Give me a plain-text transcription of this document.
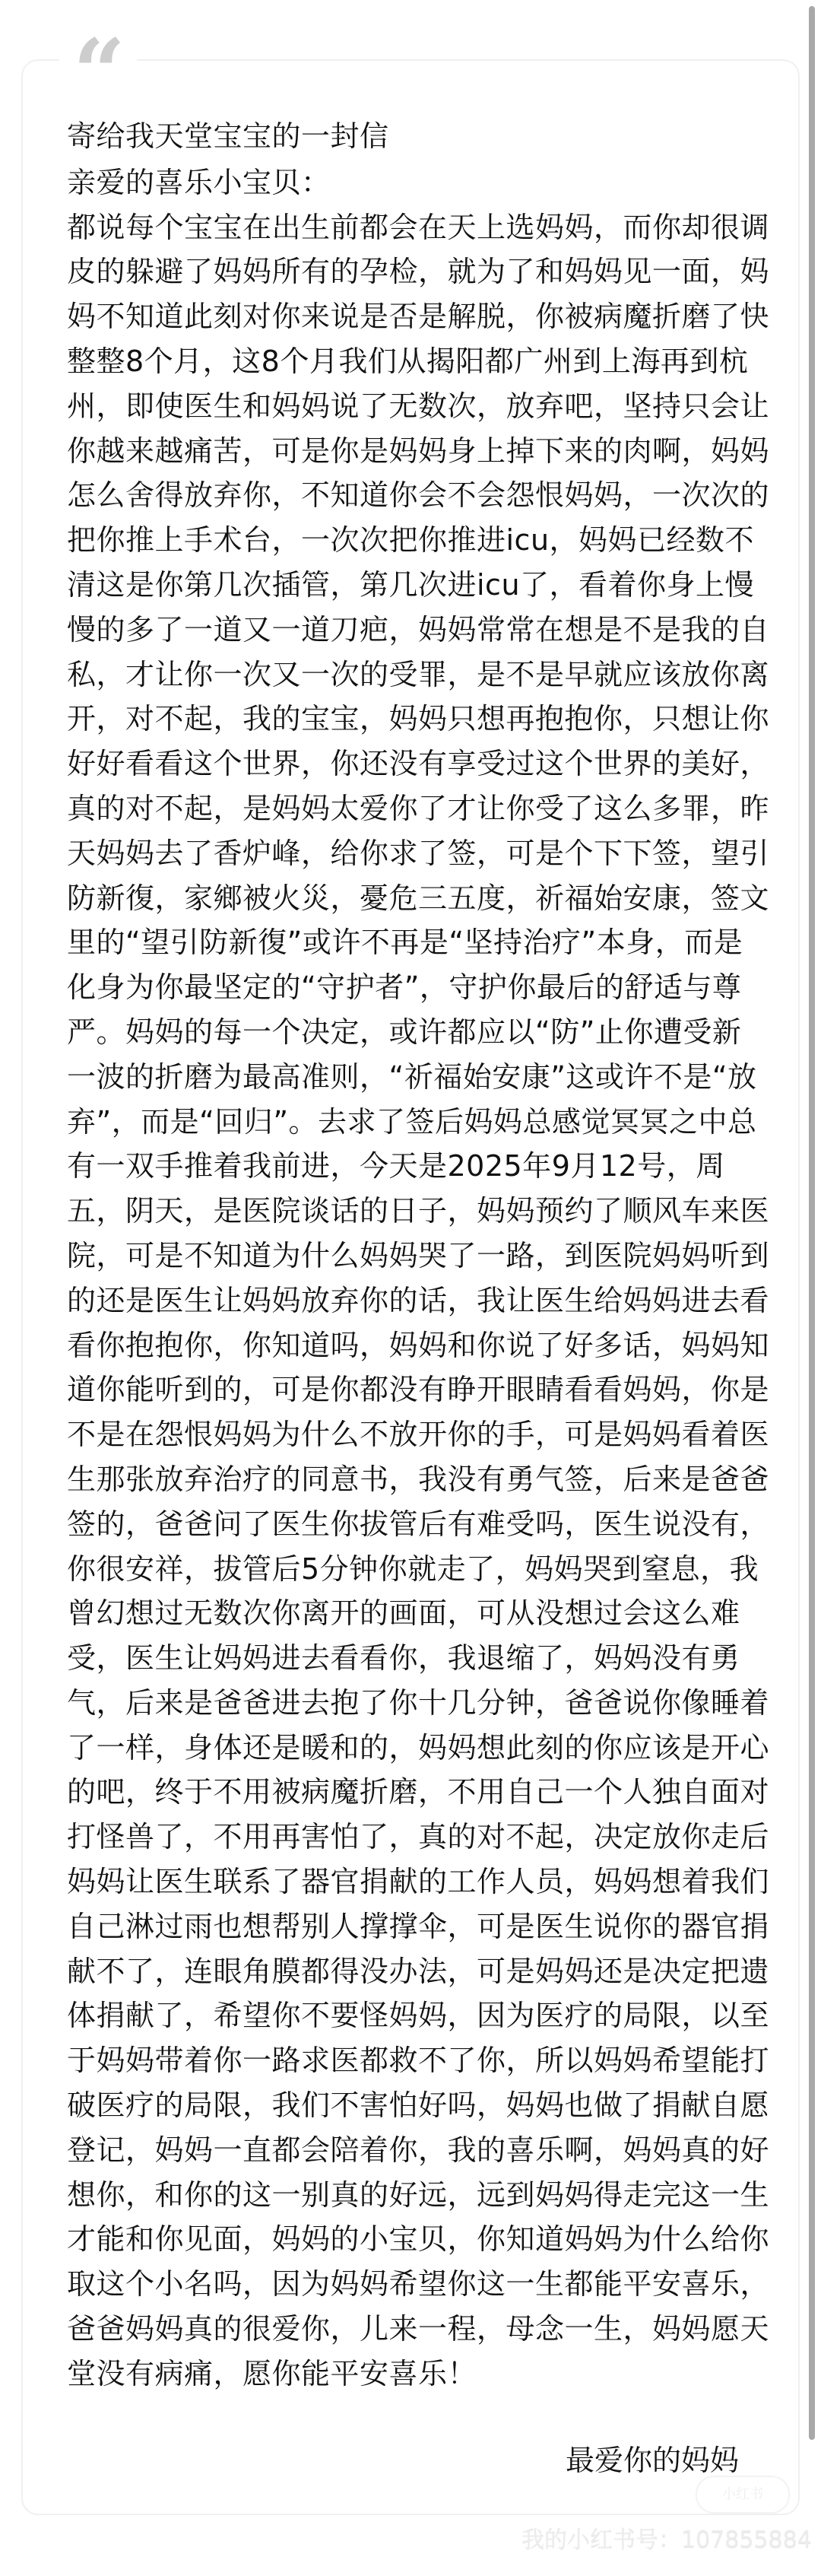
“
寄给我天堂宝宝的一封信
亲爱的喜乐小宝贝：
都说每个宝宝在出生前都会在天上选妈妈，而你却很调
皮的躲避了妈妈所有的孕检，就为了和妈妈见一面，妈
妈不知道此刻对你来说是否是解脱，你被病魔折磨了快
整整8个月，这8个月我们从揭阳都广州到上海再到杭
州，即使医生和妈妈说了无数次，放弃吧，坚持只会让
你越来越痛苦，可是你是妈妈身上掉下来的肉啊，妈妈
怎么舍得放弃你，不知道你会不会怨恨妈妈，一次次的
把你推上手术台，一次次把你推进icu，妈妈已经数不
清这是你第几次插管，第几次进icu了，看着你身上慢
慢的多了一道又一道刀疤，妈妈常常在想是不是我的自
私，才让你一次又一次的受罪，是不是早就应该放你离
开，对不起，我的宝宝，妈妈只想再抱抱你，只想让你
好好看看这个世界，你还没有享受过这个世界的美好，
真的对不起，是妈妈太爱你了才让你受了这么多罪，昨
天妈妈去了香炉峰，给你求了签，可是个下下签，望引
防新復，家鄉被火災，憂危三五度，祈福始安康，签文
里的“望引防新復”或许不再是“坚持治疗”本身，而是
化身为你最坚定的“守护者”，守护你最后的舒适与尊
严。妈妈的每一个决定，或许都应以“防”止你遭受新
一波的折磨为最高准则，“祈福始安康”这或许不是“放
弃”，而是“回归”。去求了签后妈妈总感觉冥冥之中总
有一双手推着我前进，今天是2025年9月12号，周
五，阴天，是医院谈话的日子，妈妈预约了顺风车来医
院，可是不知道为什么妈妈哭了一路，到医院妈妈听到
的还是医生让妈妈放弃你的话，我让医生给妈妈进去看
看你抱抱你，你知道吗，妈妈和你说了好多话，妈妈知
道你能听到的，可是你都没有睁开眼睛看看妈妈，你是
不是在怨恨妈妈为什么不放开你的手，可是妈妈看着医
生那张放弃治疗的同意书，我没有勇气签，后来是爸爸
签的，爸爸问了医生你拔管后有难受吗，医生说没有，
你很安祥，拔管后5分钟你就走了，妈妈哭到窒息，我
曾幻想过无数次你离开的画面，可从没想过会这么难
受，医生让妈妈进去看看你，我退缩了，妈妈没有勇
气，后来是爸爸进去抱了你十几分钟，爸爸说你像睡着
了一样，身体还是暖和的，妈妈想此刻的你应该是开心
的吧，终于不用被病魔折磨，不用自己一个人独自面对
打怪兽了，不用再害怕了，真的对不起，决定放你走后
妈妈让医生联系了器官捐献的工作人员，妈妈想着我们
自己淋过雨也想帮别人撑撑伞，可是医生说你的器官捐
献不了，连眼角膜都得没办法，可是妈妈还是决定把遗
体捐献了，希望你不要怪妈妈，因为医疗的局限，以至
于妈妈带着你一路求医都救不了你，所以妈妈希望能打
破医疗的局限，我们不害怕好吗，妈妈也做了捐献自愿
登记，妈妈一直都会陪着你，我的喜乐啊，妈妈真的好
想你，和你的这一别真的好远，远到妈妈得走完这一生
才能和你见面，妈妈的小宝贝，你知道妈妈为什么给你
取这个小名吗，因为妈妈希望你这一生都能平安喜乐，
爸爸妈妈真的很爱你，儿来一程，母念一生，妈妈愿天
堂没有病痛，愿你能平安喜乐！
最爱你的妈妈
小红书
我的小红书号：107855884
